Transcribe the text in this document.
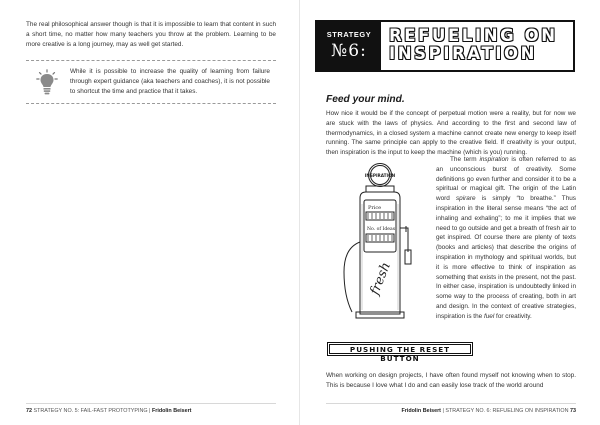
The real philosophical answer though is that it is impossible to learn that content in such a short time, no matter how many teachers you throw at the problem. Learning to be more creative is a long journey, may as well get started.

While it is possible to increase the quality of learning from failure through expert guidance (aka teachers and coaches), it is not possible to shortcut the time and practice that it takes.

72 STRATEGY NO. 5: FAIL-FAST PROTOTYPING | Fridolin Beisert
STRATEGY
№6:
REFUELING ON INSPIRATION
Feed your mind.

How nice it would be if the concept of perpetual motion were a reality, but for now we are stuck with the laws of physics. And according to the first and second law of thermodynamics, in a closed system a machine cannot create new energy to keep itself running. The same principle can apply to the creative field. If creativity is your output, then inspiration is the input to keep the machine (which is you) running.

INSPIRATION
Price
No. of Ideas
fresh

The term inspiration is often referred to as an unconscious burst of creativity. Some definitions go even further and consider it to be a spiritual or magical gift. The origin of the Latin word spirare is simply “to breathe.” Thus inspiration in the literal sense means “the act of inhaling and exhaling”; to me it implies that we need to go outside and get a breath of fresh air to get inspired. Of course there are plenty of texts (books and articles) that describe the origins of inspiration in mythology and spiritual worlds, but it is more effective to think of inspiration as something that exists in the present, not the past. In either case, inspiration is undoubtedly linked in some way to the process of creating, both in art and design. In the context of creative strategies, inspiration is the fuel for creativity.

PUSHING THE RESET BUTTON

When working on design projects, I have often found myself not knowing when to stop. This is because I love what I do and can easily lose track of the world around

Fridolin Beisert | STRATEGY NO. 6: REFUELING ON INSPIRATION 73
